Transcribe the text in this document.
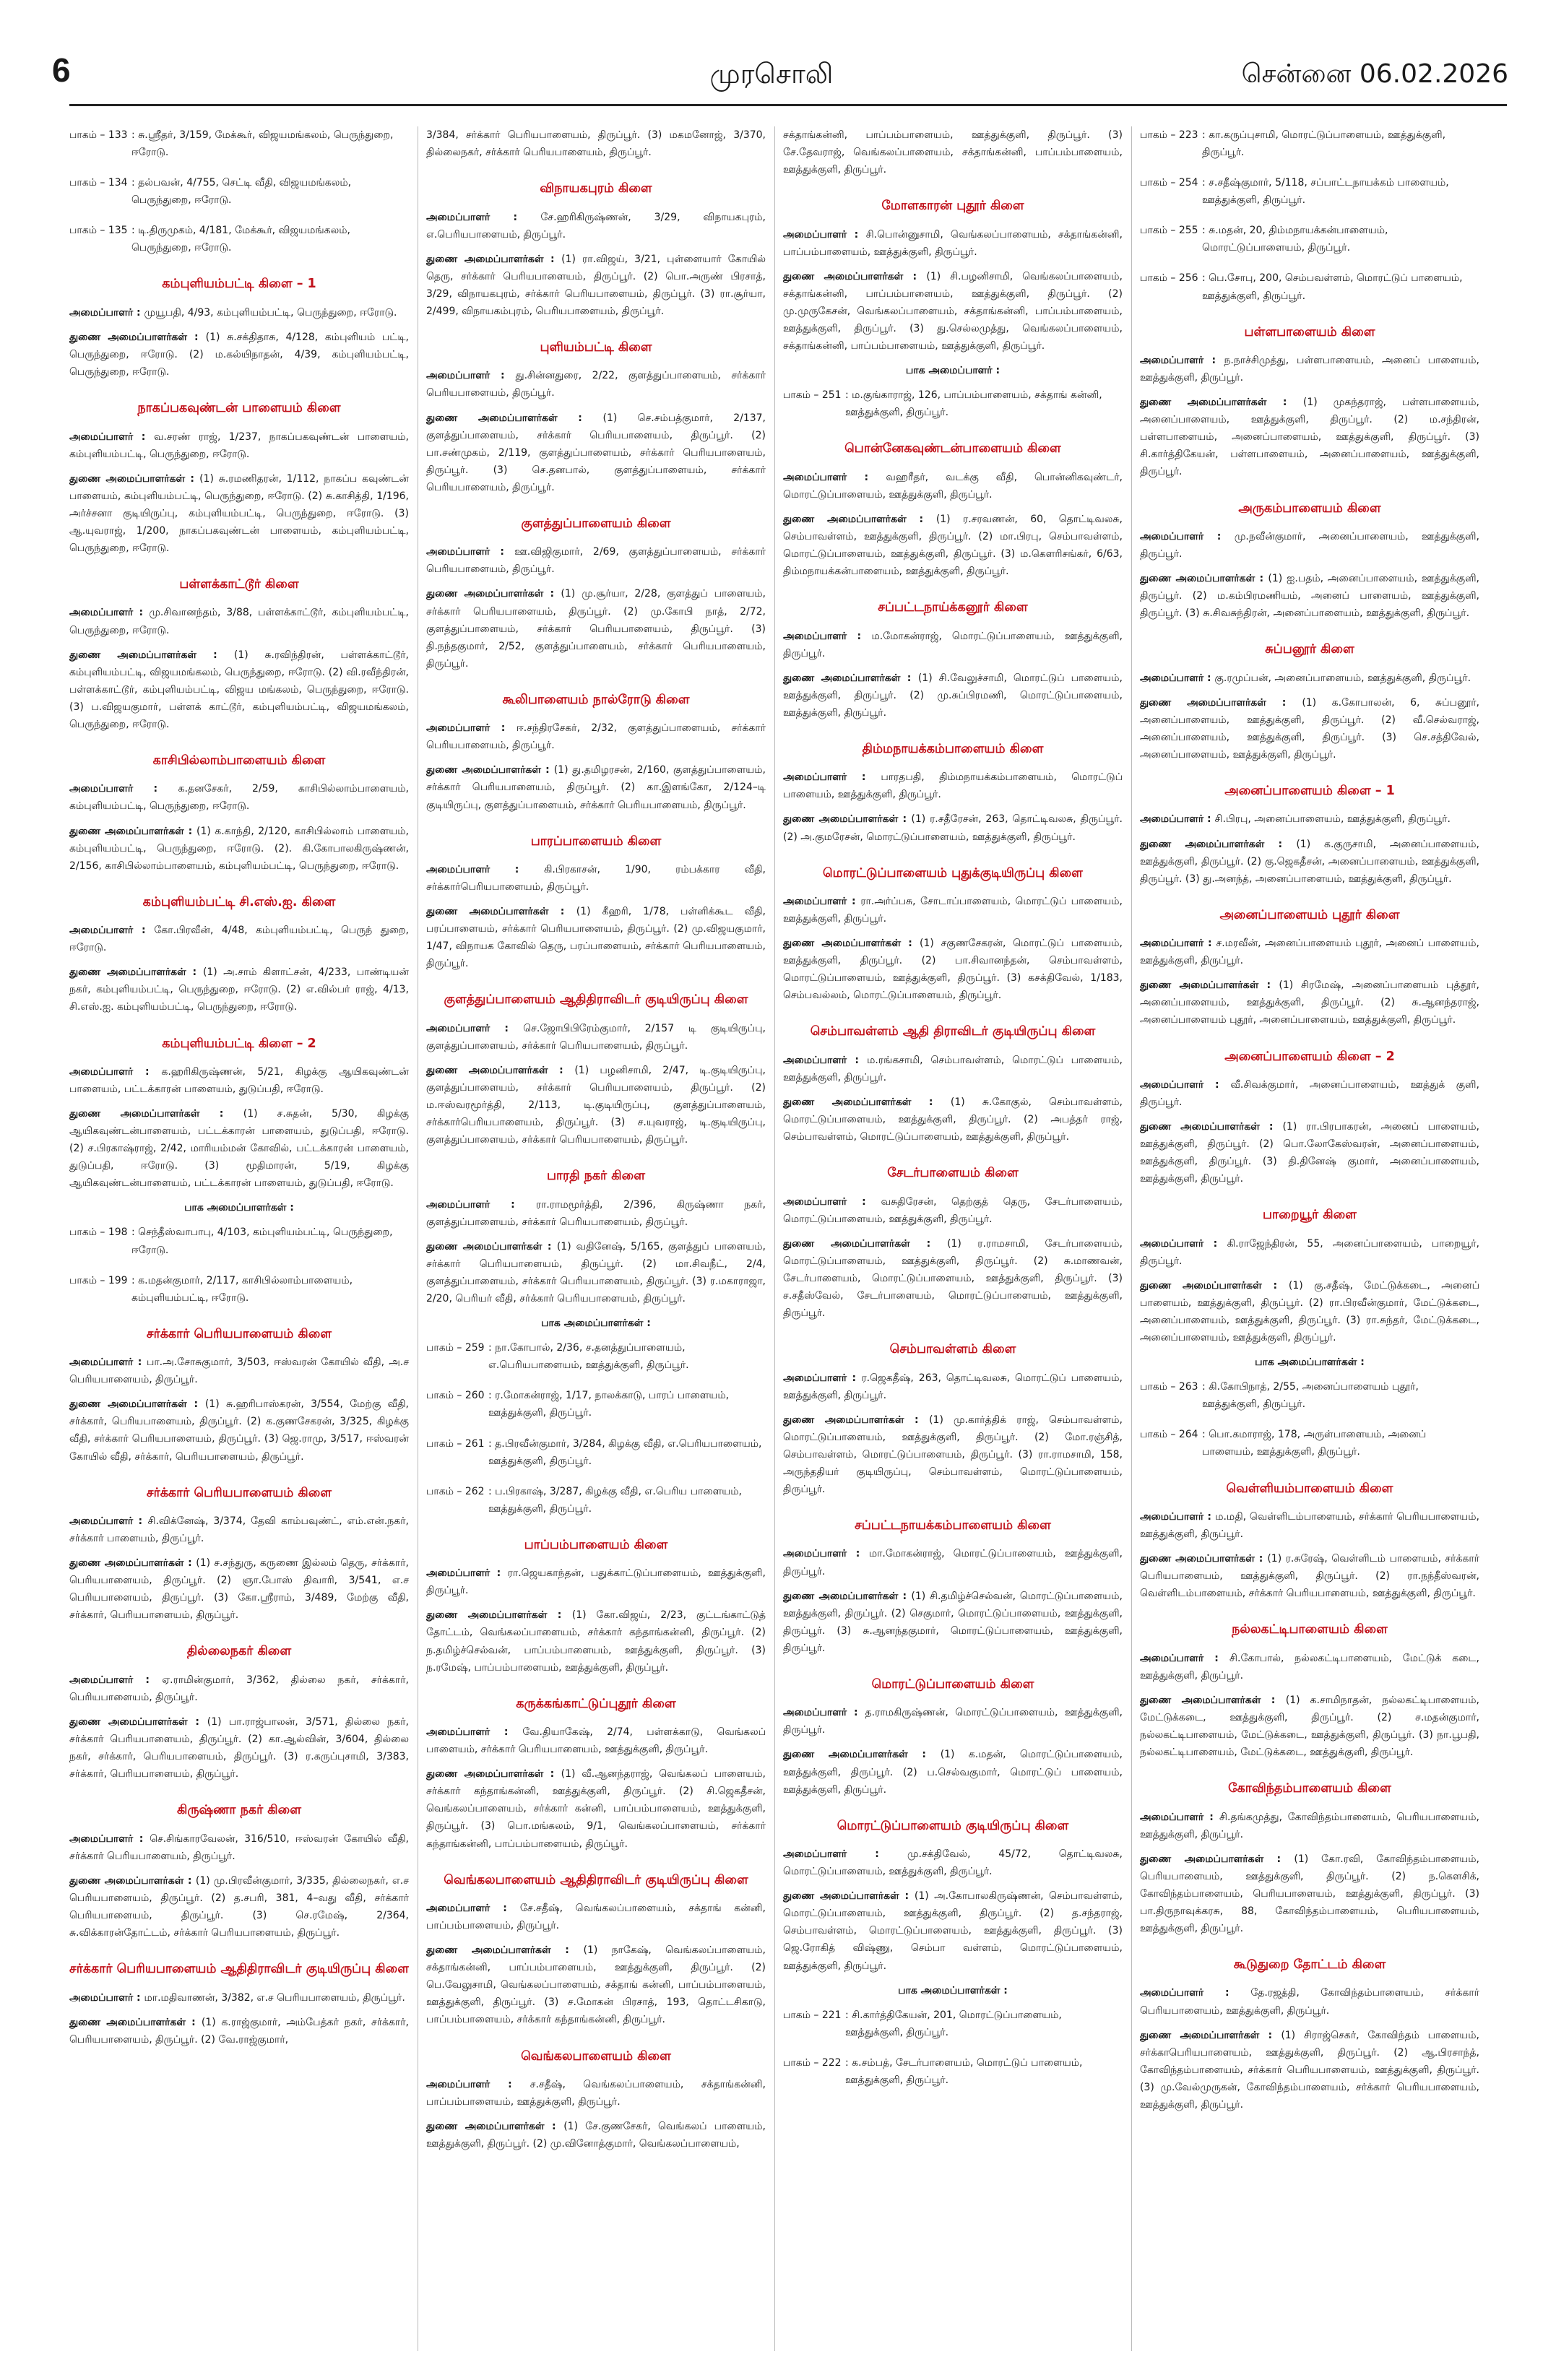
6	முரசொலி	சென்னை 06.02.2026
பாகம் – 133 : சு.ஸ்ரீதர், 3/159, மேக்கூர், விஜயமங்கலம், பெருந்துறை, ஈரோடு.
பாகம் – 134 : தல்பவன், 4/755, செட்டி வீதி, விஜயமங்கலம், பெருந்துறை, ஈரோடு.
பாகம் – 135 : டி.திருமுகம், 4/181, மேக்கூர், விஜயமங்கலம், பெருந்துறை, ஈரோடு.
கம்புளியம்பட்டி கிளை – 1

அமைப்பாளர் : முயூபதி, 4/93, கம்புளியம்பட்டி, பெருந்துறை, ஈரோடு.

துணை அமைப்பாளர்கள் : (1) சு.சக்திதாசு, 4/128, கம்புளியம் பட்டி, பெருந்துறை, ஈரோடு. (2) ம.கல்யிநாதன், 4/39, கம்புளியம்பட்டி, பெருந்துறை, ஈரோடு.

நாகப்பகவுண்டன் பாளையம் கிளை

அமைப்பாளர் : வ.சரண் ராஜ், 1/237, நாகப்பகவுண்டன் பாளையம், கம்புளியம்பட்டி, பெருந்துறை, ஈரோடு.

துணை அமைப்பாளர்கள் : (1) சு.ரமணிதரன், 1/112, நாகப்ப கவுண்டன் பாளையம், கம்புளியம்பட்டி, பெருந்துறை, ஈரோடு. (2) சு.காசித்தி, 1/196, அர்ச்சனா குடியிருப்பு, கம்புளியம்பட்டி, பெருந்துறை, ஈரோடு. (3) ஆ.யுவராஜ், 1/200, நாகப்பகவுண்டன் பாளையம், கம்புளியம்பட்டி, பெருந்துறை, ஈரோடு.

பள்ளக்காட்டூர் கிளை

அமைப்பாளர் : மு.சிவானந்தம், 3/88, பள்ளக்காட்டூர், கம்புளியம்பட்டி, பெருந்துறை, ஈரோடு.

துணை அமைப்பாளர்கள் : (1) சு.ரவிந்திரன், பள்ளக்காட்டூர், கம்புளியம்பட்டி, விஜயமங்கலம், பெருந்துறை, ஈரோடு. (2) வி.ரவீந்திரன், பள்ளக்காட்டூர், கம்புளியம்பட்டி, விஜய மங்கலம், பெருந்துறை, ஈரோடு. (3) ப.விஜயகுமார், பள்ளக் காட்டூர், கம்புளியம்பட்டி, விஜயமங்கலம், பெருந்துறை, ஈரோடு.

காசிபில்லாம்பாளையம் கிளை

அமைப்பாளர் : க.தனசேகர், 2/59, காசிபில்லாம்பாளையம், கம்புளியம்பட்டி, பெருந்துறை, ஈரோடு.

துணை அமைப்பாளர்கள் : (1) க.காந்தி, 2/120, காசிபில்லாம் பாளையம், கம்புளியம்பட்டி, பெருந்துறை, ஈரோடு. (2). கி.கோபாலகிருஷ்ணன், 2/156, காசிபில்லாம்பாளையம், கம்புளியம்பட்டி, பெருந்துறை, ஈரோடு.

கம்புளியம்பட்டி சி.எஸ்.ஐ. கிளை

அமைப்பாளர் : கோ.பிரவீன், 4/48, கம்புளியம்பட்டி, பெருந் துறை, ஈரோடு.

துணை அமைப்பாளர்கள் : (1) அ.சாம் கிளாட்சன், 4/233, பாண்டியன் நகர், கம்புளியம்பட்டி, பெருந்துறை, ஈரோடு. (2) எ.வில்பர் ராஜ், 4/13, சி.எஸ்.ஐ. கம்புளியம்பட்டி, பெருந்துறை, ஈரோடு.

கம்புளியம்பட்டி கிளை – 2

அமைப்பாளர் : க.ஹரிகிருஷ்ணன், 5/21, கிழக்கு ஆயிகவுண்டன் பாளையம், பட்டக்காரன் பாளையம், துடுப்பதி, ஈரோடு.

துணை அமைப்பாளர்கள் : (1) ச.சுதன், 5/30, கிழக்கு ஆயிகவுண்டன்பாளையம், பட்டக்காரன் பாளையம், துடுப்பதி, ஈரோடு. (2) ச.பிரகாஷ்ராஜ், 2/42, மாரியம்மன் கோவில், பட்டக்காரன் பாளையம், துடுப்பதி, ஈரோடு. (3) மூதிமாரன், 5/19, கிழக்கு ஆயிகவுண்டன்பாளையம், பட்டக்காரன் பாளையம், துடுப்பதி, ஈரோடு.

பாக அமைப்பாளர்கள் :
பாகம் – 198 : செந்தீஸ்வாபாபு, 4/103, கம்புளியம்பட்டி, பெருந்துறை, ஈரோடு.
பாகம் – 199 : க.மதன்குமார், 2/117, காசிபில்லாம்பாளையம், கம்புளியம்பட்டி, ஈரோடு.
சர்க்கார் பெரியபாளையம் கிளை

அமைப்பாளர் : பா.அ.சோசுகுமார், 3/503, ஈஸ்வரன் கோயில் வீதி, அ.ச பெரியபாளையம், திருப்பூர்.

துணை அமைப்பாளர்கள் : (1) சு.ஹரிபாஸ்கரன், 3/554, மேற்கு வீதி, சர்க்கார், பெரியபாளையம், திருப்பூர். (2) க.குணசேகரன், 3/325, கிழக்கு வீதி, சர்க்கார் பெரியபாளையம், திருப்பூர். (3) ஜெ.ராமு, 3/517, ஈஸ்வரன் கோயில் வீதி, சர்க்கார், பெரியபாளையம், திருப்பூர்.

சர்க்கார் பெரியபாளையம் கிளை

அமைப்பாளர் : சி.விக்னேஷ், 3/374, தேவி காம்பவுண்ட், எம்.என்.நகர், சர்க்கார் பாளையம், திருப்பூர்.

துணை அமைப்பாளர்கள் : (1) ச.சந்துரு, கருணை இல்லம் தெரு, சர்க்கார், பெரியபாளையம், திருப்பூர். (2) ஞா.போஸ் திவாரி, 3/541, எ.ச பெரியபாளையம், திருப்பூர். (3) கோ.ஸ்ரீராம், 3/489, மேற்கு வீதி, சர்க்கார், பெரியபாளையம், திருப்பூர்.

தில்லைநகர் கிளை

அமைப்பாளர் : ஏ.ராமின்குமார், 3/362, தில்லை நகர், சர்க்கார், பெரியபாளையம், திருப்பூர்.

துணை அமைப்பாளர்கள் : (1) பா.ராஜ்பாலன், 3/571, தில்லை நகர், சர்க்கார் பெரியபாளையம், திருப்பூர். (2) கா.ஆல்வின், 3/604, தில்லை நகர், சர்க்கார், பெரியபாளையம், திருப்பூர். (3) ர.கருப்புசாமி, 3/383, சர்க்கார், பெரியபாளையம், திருப்பூர்.

கிருஷ்ணா நகர் கிளை

அமைப்பாளர் : செ.சிங்காரவேலன், 316/510, ஈஸ்வரன் கோயில் வீதி, சர்க்கார் பெரியபாளையம், திருப்பூர்.

துணை அமைப்பாளர்கள் : (1) மு.பிரவீன்குமார், 3/335, தில்லைநகர், எ.ச பெரியபாளையம், திருப்பூர். (2) த.சபரி, 381, 4–வது வீதி, சர்க்கார் பெரியபாளையம், திருப்பூர். (3) செ.ரமேஷ், 2/364, சு.விக்காரன்தோட்டம், சர்க்கார் பெரியபாளையம், திருப்பூர்.

சர்க்கார் பெரியபாளையம் ஆதிதிராவிடர் குடியிருப்பு கிளை

அமைப்பாளர் : மா.மதிவாணன், 3/382, எ.ச பெரியபாளையம், திருப்பூர்.

துணை அமைப்பாளர்கள் : (1) க.ராஜ்குமார், அம்பேத்கர் நகர், சர்க்கார், பெரியபாளையம், திருப்பூர். (2) வே.ராஜ்குமார்,

3/384, சர்க்கார் பெரியபாளையம், திருப்பூர். (3) மகமனோஜ், 3/370, தில்லைநகர், சர்க்கார் பெரியபாளையம், திருப்பூர்.

விநாயகபுரம் கிளை

அமைப்பாளர் : சே.ஹரிகிருஷ்ணன், 3/29, விநாயகபுரம், எ.பெரியபாளையம், திருப்பூர்.

துணை அமைப்பாளர்கள் : (1) ரா.விஜய், 3/21, புள்ளையார் கோயில் தெரு, சர்க்கார் பெரியபாளையம், திருப்பூர். (2) பொ.அருண் பிரசாத், 3/29, விநாயகபுரம், சர்க்கார் பெரியபாளையம், திருப்பூர். (3) ரா.சூர்யா, 2/499, விநாயகம்புரம், பெரியபாளையம், திருப்பூர்.

புளியம்பட்டி கிளை

அமைப்பாளர் : து.சின்னதுரை, 2/22, குளத்துப்பாளையம், சர்க்கார் பெரியபாளையம், திருப்பூர்.

துணை அமைப்பாளர்கள் : (1) செ.சம்பத்குமார், 2/137, குளத்துப்பாளையம், சர்க்கார் பெரியபாளையம், திருப்பூர். (2) பா.சண்முகம், 2/119, குளத்துப்பாளையம், சர்க்கார் பெரியபாளையம், திருப்பூர். (3) செ.தனபால், குளத்துப்பாளையம், சர்க்கார் பெரியபாளையம், திருப்பூர்.

குளத்துப்பாளையம் கிளை

அமைப்பாளர் : ஊ.விஜிகுமார், 2/69, குளத்துப்பாளையம், சர்க்கார் பெரியபாளையம், திருப்பூர்.

துணை அமைப்பாளர்கள் : (1) மு.சூர்யா, 2/28, குளத்துப் பாளையம், சர்க்கார் பெரியபாளையம், திருப்பூர். (2) மு.கோபி நாத், 2/72, குளத்துப்பாளையம், சர்க்கார் பெரியபாளையம், திருப்பூர். (3) தி.நந்தகுமார், 2/52, குளத்துப்பாளையம், சர்க்கார் பெரியபாளையம், திருப்பூர்.

கூலிபாளையம் நால்ரோடு கிளை

அமைப்பாளர் : ஈ.சந்திரசேகர், 2/32, குளத்துப்பாளையம், சர்க்கார் பெரியபாளையம், திருப்பூர்.

துணை அமைப்பாளர்கள் : (1) து.தமிழரசன், 2/160, குளத்துப்பாளையம், சர்க்கார் பெரியபாளையம், திருப்பூர். (2) கா.இளங்கோ, 2/124–டி குடியிருப்பு, குளத்துப்பாளையம், சர்க்கார் பெரியபாளையம், திருப்பூர்.

பாரப்பாளையம் கிளை

அமைப்பாளர் : கி.பிரகாசன், 1/90, ரம்பக்கார வீதி, சர்க்கார்பெரியபாளையம், திருப்பூர்.

துணை அமைப்பாளர்கள் : (1) கீஹரி, 1/78, பள்ளிக்கூட வீதி, பரப்பாளையம், சர்க்கார் பெரியபாளையம், திருப்பூர். (2) மு.விஜயகுமார், 1/47, விநாயக கோவில் தெரு, பரப்பாளையம், சர்க்கார் பெரியபாளையம், திருப்பூர்.

குளத்துப்பாளையம் ஆதிதிராவிடர் குடியிருப்பு கிளை

அமைப்பாளர் : செ.ஜோபிபிரேம்குமார், 2/157 டி குடியிருப்பு, குளத்துப்பாளையம், சர்க்கார் பெரியபாளையம், திருப்பூர்.

துணை அமைப்பாளர்கள் : (1) பழனிசாமி, 2/47, டி.குடியிருப்பு, குளத்துப்பாளையம், சர்க்கார் பெரியபாளையம், திருப்பூர். (2) ம.ஈஸ்வரமூர்த்தி, 2/113, டி.குடியிருப்பு, குளத்துப்பாளையம், சர்க்கார்பெரியபாளையம், திருப்பூர். (3) ச.யுவராஜ், டி.குடியிருப்பு, குளத்துப்பாளையம், சர்க்கார் பெரியபாளையம், திருப்பூர்.

பாரதி நகர் கிளை

அமைப்பாளர் : ரா.ராமமூர்த்தி, 2/396, கிருஷ்ணா நகர், குளத்துப்பாளையம், சர்க்கார் பெரியபாளையம், திருப்பூர்.

துணை அமைப்பாளர்கள் : (1) வதினேஷ், 5/165, குளத்துப் பாளையம், சர்க்கார் பெரியபாளையம், திருப்பூர். (2) மா.சிவநீட், 2/4, குளத்துப்பாளையம், சர்க்கார் பெரியபாளையம், திருப்பூர். (3) ர.மகாராஜா, 2/20, பெரியர் வீதி, சர்க்கார் பெரியபாளையம், திருப்பூர்.

பாக அமைப்பாளர்கள் :
பாகம் – 259 : நா.கோபால், 2/36, ச.தனத்துப்பாளையம், எ.பெரியபாளையம், ஊத்துக்குளி, திருப்பூர்.
பாகம் – 260 : ர.மோகன்ராஜ், 1/17, நாலக்காடு, பாரப் பாளையம், ஊத்துக்குளி, திருப்பூர்.
பாகம் – 261 : த.பிரவீன்குமார், 3/284, கிழக்கு வீதி, எ.பெரியபாளையம், ஊத்துக்குளி, திருப்பூர்.
பாகம் – 262 : ப.பிரகாஷ், 3/287, கிழக்கு வீதி, எ.பெரிய பாளையம், ஊத்துக்குளி, திருப்பூர்.
பாப்பம்பாளையம் கிளை

அமைப்பாளர் : ரா.ஜெயகாந்தன், பதுக்காட்டுப்பாளையம், ஊத்துக்குளி, திருப்பூர்.

துணை அமைப்பாளர்கள் : (1) கோ.விஜய், 2/23, குட்டங்காட்டுத் தோட்டம், வெங்கலப்பாளையம், சர்க்கார் கந்தாங்கன்னி, திருப்பூர். (2) ந.தமிழ்ச்செல்வன், பாப்பம்பாளையம், ஊத்துக்குளி, திருப்பூர். (3) ந.ரமேஷ், பாப்பம்பாளையம், ஊத்துக்குளி, திருப்பூர்.

கருக்கங்காட்டுப்புதூர் கிளை

அமைப்பாளர் : வே.தியாகேஷ், 2/74, பள்ளக்காடு, வெங்கலப் பாளையம், சர்க்கார் பெரியபாளையம், ஊத்துக்குளி, திருப்பூர்.

துணை அமைப்பாளர்கள் : (1) வீ.ஆனந்தராஜ், வெங்கலப் பாளையம், சர்க்கார் கந்தாங்கன்னி, ஊத்துக்குளி, திருப்பூர். (2) சி.ஜெகதீசன், வெங்கலப்பாளையம், சர்க்கார் கன்னி, பாப்பம்பாளையம், ஊத்துக்குளி, திருப்பூர். (3) பொ.மங்கலம், 9/1, வெங்கலப்பாளையம், சர்க்கார் கந்தாங்கன்னி, பாப்பம்பாளையம், திருப்பூர்.

வெங்கலபாளையம் ஆதிதிராவிடர் குடியிருப்பு கிளை

அமைப்பாளர் : சே.சதீஷ், வெங்கலப்பாளையம், சக்தாங் கன்னி, பாப்பம்பாளையம், திருப்பூர்.

துணை அமைப்பாளர்கள் : (1) நாகேஷ், வெங்கலப்பாளையம், சக்தாங்கன்னி, பாப்பம்பாளையம், ஊத்துக்குளி, திருப்பூர். (2) பெ.வேலுசாமி, வெங்கலப்பாளையம், சக்தாங் கன்னி, பாப்பம்பாளையம், ஊத்துக்குளி, திருப்பூர். (3) ச.மோகன் பிரசாத், 193, தொட்டசிகாடு, பாப்பம்பாளையம், சர்க்கார் கந்தாங்கன்னி, திருப்பூர்.

வெங்கலபாளையம் கிளை

அமைப்பாளர் : ச.சதீஷ், வெங்கலப்பாளையம், சக்தாங்கன்னி, பாப்பம்பாளையம், ஊத்துக்குளி, திருப்பூர்.

துணை அமைப்பாளர்கள் : (1) சே.குணசேகர், வெங்கலப் பாளையம், ஊத்துக்குளி, திருப்பூர். (2) மு.வினோத்குமார், வெங்கலப்பாளையம்,

சக்தாங்கன்னி, பாப்பம்பாளையம், ஊத்துக்குளி, திருப்பூர். (3) சே.தேவராஜ், வெங்கலப்பாளையம், சக்தாங்கன்னி, பாப்பம்பாளையம், ஊத்துக்குளி, திருப்பூர்.

மோளகாரன் புதூர் கிளை

அமைப்பாளர் : சி.பொன்னுசாமி, வெங்கலப்பாளையம், சக்தாங்கன்னி, பாப்பம்பாளையம், ஊத்துக்குளி, திருப்பூர்.

துணை அமைப்பாளர்கள் : (1) சி.பழனிசாமி, வெங்கலப்பாளையம், சக்தாங்கன்னி, பாப்பம்பாளையம், ஊத்துக்குளி, திருப்பூர். (2) மு.முருகேசன், வெங்கலப்பாளையம், சக்தாங்கன்னி, பாப்பம்பாளையம், ஊத்துக்குளி, திருப்பூர். (3) து.செல்லமுத்து, வெங்கலப்பாளையம், சக்தாங்கன்னி, பாப்பம்பாளையம், ஊத்துக்குளி, திருப்பூர்.

பாக அமைப்பாளர் :
பாகம் – 251 : ம.குங்காராஜ், 126, பாப்பம்பாளையம், சக்தாங் கன்னி, ஊத்துக்குளி, திருப்பூர்.
பொன்னேகவுண்டன்பாளையம் கிளை

அமைப்பாளர் : வஹரீதர், வடக்கு வீதி, பொன்னிகவுண்டர், மொரட்டுப்பாளையம், ஊத்துக்குளி, திருப்பூர்.

துணை அமைப்பாளர்கள் : (1) ர.சரவணன், 60, தொட்டிவலசு, செம்பாவள்ளம், ஊத்துக்குளி, திருப்பூர். (2) மா.பிரபு, செம்பாவள்ளம், மொரட்டுப்பாளையம், ஊத்துக்குளி, திருப்பூர். (3) ம.கௌரிசங்கர், 6/63, திம்மநாயக்கன்பாளையம், ஊத்துக்குளி, திருப்பூர்.

சப்பட்டநாய்க்கனூர் கிளை

அமைப்பாளர் : ம.மோகன்ராஜ், மொரட்டுப்பாளையம், ஊத்துக்குளி, திருப்பூர்.

துணை அமைப்பாளர்கள் : (1) சி.வேலுச்சாமி, மொரட்டுப் பாளையம், ஊத்துக்குளி, திருப்பூர். (2) மு.சுப்பிரமணி, மொரட்டுப்பாளையம், ஊத்துக்குளி, திருப்பூர்.

திம்மநாயக்கம்பாளையம் கிளை

அமைப்பாளர் : பாரதபதி, திம்மநாயக்கம்பாளையம், மொரட்டுப் பாளையம், ஊத்துக்குளி, திருப்பூர்.

துணை அமைப்பாளர்கள் : (1) ர.சதீரேசன், 263, தொட்டிவலசு, திருப்பூர். (2) அ.குமரேசன், மொரட்டுப்பாளையம், ஊத்துக்குளி, திருப்பூர்.

மொரட்டுப்பாளையம் புதுக்குடியிருப்பு கிளை

அமைப்பாளர் : ரா.அர்ப்பசு, சோடாப்பாளையம், மொரட்டுப் பாளையம், ஊத்துக்குளி, திருப்பூர்.

துணை அமைப்பாளர்கள் : (1) சகுணசேகரன், மொரட்டுப் பாளையம், ஊத்துக்குளி, திருப்பூர். (2) பா.சிவானந்தன், செம்பாவள்ளம், மொரட்டுப்பாளையம், ஊத்துக்குளி, திருப்பூர். (3) கசக்திவேல், 1/183, செம்பவல்லம், மொரட்டுப்பாளையம், திருப்பூர்.

செம்பாவள்ளம் ஆதி திராவிடர் குடியிருப்பு கிளை

அமைப்பாளர் : ம.ரங்கசாமி, செம்பாவள்ளம், மொரட்டுப் பாளையம், ஊத்துக்குளி, திருப்பூர்.

துணை அமைப்பாளர்கள் : (1) சு.கோகுல், செம்பாவள்ளம், மொரட்டுப்பாளையம், ஊத்துக்குளி, திருப்பூர். (2) அபத்தர் ராஜ், செம்பாவள்ளம், மொரட்டுப்பாளையம், ஊத்துக்குளி, திருப்பூர்.

சேடர்பாளையம் கிளை

அமைப்பாளர் : வசுதிரேசன், தெற்குத் தெரு, சேடர்பாளையம், மொரட்டுப்பாளையம், ஊத்துக்குளி, திருப்பூர்.

துணை அமைப்பாளர்கள் : (1) ர.ராமசாமி, சேடர்பாளையம், மொரட்டுப்பாளையம், ஊத்துக்குளி, திருப்பூர். (2) சு.மாணவன், சேடர்பாளையம், மொரட்டுப்பாளையம், ஊத்துக்குளி, திருப்பூர். (3) ச.சதீஸ்வேல், சேடர்பாளையம், மொரட்டுப்பாளையம், ஊத்துக்குளி, திருப்பூர்.

செம்பாவள்ளம் கிளை

அமைப்பாளர் : ர.ஜெகதீஷ், 263, தொட்டிவலசு, மொரட்டுப் பாளையம், ஊத்துக்குளி, திருப்பூர்.

துணை அமைப்பாளர்கள் : (1) மு.கார்த்திக் ராஜ், செம்பாவள்ளம், மொரட்டுப்பாளையம், ஊத்துக்குளி, திருப்பூர். (2) மோ.ரஞ்சித், செம்பாவள்ளம், மொரட்டுப்பாளையம், திருப்பூர். (3) ரா.ராமசாமி, 158, அருந்ததியர் குடியிருப்பு, செம்பாவள்ளம், மொரட்டுப்பாளையம், திருப்பூர்.

சப்பட்டநாயக்கம்பாளையம் கிளை

அமைப்பாளர் : மா.மோகன்ராஜ், மொரட்டுப்பாளையம், ஊத்துக்குளி, திருப்பூர்.

துணை அமைப்பாளர்கள் : (1) சி.தமிழ்ச்செல்வன், மொரட்டுப்பாளையம், ஊத்துக்குளி, திருப்பூர். (2) செகுமார், மொரட்டுப்பாளையம், ஊத்துக்குளி, திருப்பூர். (3) சு.ஆனந்தகுமார், மொரட்டுப்பாளையம், ஊத்துக்குளி, திருப்பூர்.

மொரட்டுப்பாளையம் கிளை

அமைப்பாளர் : த.ராமகிருஷ்ணன், மொரட்டுப்பாளையம், ஊத்துக்குளி, திருப்பூர்.

துணை அமைப்பாளர்கள் : (1) க.மதன், மொரட்டுப்பாளையம், ஊத்துக்குளி, திருப்பூர். (2) ப.செல்வகுமார், மொரட்டுப் பாளையம், ஊத்துக்குளி, திருப்பூர்.

மொரட்டுப்பாளையம் குடியிருப்பு கிளை

அமைப்பாளர் : மு.சக்திவேல், 45/72, தொட்டிவலசு, மொரட்டுப்பாளையம், ஊத்துக்குளி, திருப்பூர்.

துணை அமைப்பாளர்கள் : (1) அ.கோபாலகிருஷ்ணன், செம்பாவள்ளம், மொரட்டுப்பாளையம், ஊத்துக்குளி, திருப்பூர். (2) த.சந்தராஜ், செம்பாவள்ளம், மொரட்டுப்பாளையம், ஊத்துக்குளி, திருப்பூர். (3) ஜெ.ரோகித் விஷ்ணு, செம்பா வள்ளம், மொரட்டுப்பாளையம், ஊத்துக்குளி, திருப்பூர்.

பாக அமைப்பாளர்கள் :
பாகம் – 221 : சி.கார்த்திகேயன், 201, மொரட்டுப்பாளையம், ஊத்துக்குளி, திருப்பூர்.
பாகம் – 222 : க.சம்பத், சேடர்பாளையம், மொரட்டுப் பாளையம், ஊத்துக்குளி, திருப்பூர்.
பாகம் – 223 : கா.கருப்புசாமி, மொரட்டுப்பாளையம், ஊத்துக்குளி, திருப்பூர்.
பாகம் – 254 : ச.சதீஷ்குமார், 5/118, சப்பாட்டநாயக்கம் பாளையம், ஊத்துக்குளி, திருப்பூர்.
பாகம் – 255 : சு.மதன், 20, திம்மநாயக்கன்பாளையம், மொரட்டுப்பாளையம், திருப்பூர்.
பாகம் – 256 : பெ.சோபு, 200, செம்பவள்ளம், மொரட்டுப் பாளையம், ஊத்துக்குளி, திருப்பூர்.
பள்ளபாளையம் கிளை

அமைப்பாளர் : ந.நாச்சிமுத்து, பள்ளபாளையம், அனைப் பாளையம், ஊத்துக்குளி, திருப்பூர்.

துணை அமைப்பாளர்கள் : (1) முகந்தராஜ், பள்ளபாளையம், அனைப்பாளையம், ஊத்துக்குளி, திருப்பூர். (2) ம.சந்திரன், பள்ளபாளையம், அனைப்பாளையம், ஊத்துக்குளி, திருப்பூர். (3) சி.கார்த்திகேயன், பள்ளபாளையம், அனைப்பாளையம், ஊத்துக்குளி, திருப்பூர்.

அருகம்பாளையம் கிளை

அமைப்பாளர் : மு.நவீன்குமார், அனைப்பாளையம், ஊத்துக்குளி, திருப்பூர்.

துணை அமைப்பாளர்கள் : (1) ஐ.பதம், அனைப்பாளையம், ஊத்துக்குளி, திருப்பூர். (2) ம.கம்பிரமணியம், அனைப் பாளையம், ஊத்துக்குளி, திருப்பூர். (3) சு.சிவசுந்திரன், அனைப்பாளையம், ஊத்துக்குளி, திருப்பூர்.

சுப்பனூர் கிளை

அமைப்பாளர் : கு.ரமுப்பன், அனைப்பாளையம், ஊத்துக்குளி, திருப்பூர்.

துணை அமைப்பாளர்கள் : (1) க.கோபாலன், 6, சுப்பனூர், அனைப்பாளையம், ஊத்துக்குளி, திருப்பூர். (2) வீ.செல்வராஜ், அனைப்பாளையம், ஊத்துக்குளி, திருப்பூர். (3) செ.சத்திவேல், அனைப்பாளையம், ஊத்துக்குளி, திருப்பூர்.

அனைப்பாளையம் கிளை – 1

அமைப்பாளர் : சி.பிரபு, அனைப்பாளையம், ஊத்துக்குளி, திருப்பூர்.

துணை அமைப்பாளர்கள் : (1) க.குருசாமி, அனைப்பாளையம், ஊத்துக்குளி, திருப்பூர். (2) கு.ஜெகதீசன், அனைப்பாளையம், ஊத்துக்குளி, திருப்பூர். (3) து.அனந்த், அனைப்பாளையம், ஊத்துக்குளி, திருப்பூர்.

அனைப்பாளையம் புதூர் கிளை

அமைப்பாளர் : ச.மரவீன், அனைப்பாளையம் புதூர், அனைப் பாளையம், ஊத்துக்குளி, திருப்பூர்.

துணை அமைப்பாளர்கள் : (1) சிரமேஷ், அனைப்பாளையம் புத்தூர், அனைப்பாளையம், ஊத்துக்குளி, திருப்பூர். (2) சு.ஆனந்தராஜ், அனைப்பாளையம் புதூர், அனைப்பாளையம், ஊத்துக்குளி, திருப்பூர்.

அனைப்பாளையம் கிளை – 2

அமைப்பாளர் : வீ.சிவக்குமார், அனைப்பாளையம், ஊத்துக் குளி, திருப்பூர்.

துணை அமைப்பாளர்கள் : (1) ரா.பிரபாகரன், அனைப் பாளையம், ஊத்துக்குளி, திருப்பூர். (2) பொ.லோகேஸ்வரன், அனைப்பாளையம், ஊத்துக்குளி, திருப்பூர். (3) தி.தினேஷ் குமார், அனைப்பாளையம், ஊத்துக்குளி, திருப்பூர்.

பாறையூர் கிளை

அமைப்பாளர் : கி.ராஜேந்திரன், 55, அனைப்பாளையம், பாறையூர், திருப்பூர்.

துணை அமைப்பாளர்கள் : (1) கு.சதீஷ், மேட்டுக்கடை, அனைப் பாளையம், ஊத்துக்குளி, திருப்பூர். (2) ரா.பிரவீன்குமார், மேட்டுக்கடை, அனைப்பாளையம், ஊத்துக்குளி, திருப்பூர். (3) ரா.சுந்தர், மேட்டுக்கடை, அனைப்பாளையம், ஊத்துக்குளி, திருப்பூர்.

பாக அமைப்பாளர்கள் :
பாகம் – 263 : கி.கோபிநாத், 2/55, அனைப்பாளையம் புதூர், ஊத்துக்குளி, திருப்பூர்.
பாகம் – 264 : பொ.கமாராஜ், 178, அருள்பாளையம், அனைப் பாளையம், ஊத்துக்குளி, திருப்பூர்.
வெள்ளியம்பாளையம் கிளை

அமைப்பாளர் : ம.மதி, வெள்ளிடம்பாளையம், சர்க்கார் பெரியபாளையம், ஊத்துக்குளி, திருப்பூர்.

துணை அமைப்பாளர்கள் : (1) ர.சுரேஷ், வெள்ளிடம் பாளையம், சர்க்கார் பெரியபாளையம், ஊத்துக்குளி, திருப்பூர். (2) ரா.நந்தீஸ்வரன், வெள்ளிடம்பாளையம், சர்க்கார் பெரியபாளையம், ஊத்துக்குளி, திருப்பூர்.

நல்லகட்டிபாளையம் கிளை

அமைப்பாளர் : சி.கோபால், நல்லகட்டிபாளையம், மேட்டுக் கடை, ஊத்துக்குளி, திருப்பூர்.

துணை அமைப்பாளர்கள் : (1) க.சாமிநாதன், நல்லகட்டிபாளையம், மேட்டுக்கடை, ஊத்துக்குளி, திருப்பூர். (2) ச.மதன்குமார், நல்லகட்டிபாளையம், மேட்டுக்கடை, ஊத்துக்குளி, திருப்பூர். (3) நா.பூபதி, நல்லகட்டிபாளையம், மேட்டுக்கடை, ஊத்துக்குளி, திருப்பூர்.

கோவிந்தம்பாளையம் கிளை

அமைப்பாளர் : சி.தங்கமுத்து, கோவிந்தம்பாளையம், பெரியபாளையம், ஊத்துக்குளி, திருப்பூர்.

துணை அமைப்பாளர்கள் : (1) கோ.ரவி, கோவிந்தம்பாளையம், பெரியபாளையம், ஊத்துக்குளி, திருப்பூர். (2) ந.கௌசிக், கோவிந்தம்பாளையம், பெரியபாளையம், ஊத்துக்குளி, திருப்பூர். (3) பா.திருநாவுக்கரசு, 88, கோவிந்தம்பாளையம், பெரியபாளையம், ஊத்துக்குளி, திருப்பூர்.

கூடுதுறை தோட்டம் கிளை

அமைப்பாளர் : தே.ரஜத்தி, கோவிந்தம்பாளையம், சர்க்கார் பெரியபாளையம், ஊத்துக்குளி, திருப்பூர்.

துணை அமைப்பாளர்கள் : (1) சிராஜ்செகர், கோவிந்தம் பாளையம், சர்க்காபெரியபாளையம், ஊத்துக்குளி, திருப்பூர். (2) ஆ.பிரசாந்த், கோவிந்தம்பாளையம், சர்க்கார் பெரியபாளையம், ஊத்துக்குளி, திருப்பூர். (3) மு.வேல்முருகன், கோவிந்தம்பாளையம், சர்க்கார் பெரியபாளையம், ஊத்துக்குளி, திருப்பூர்.
